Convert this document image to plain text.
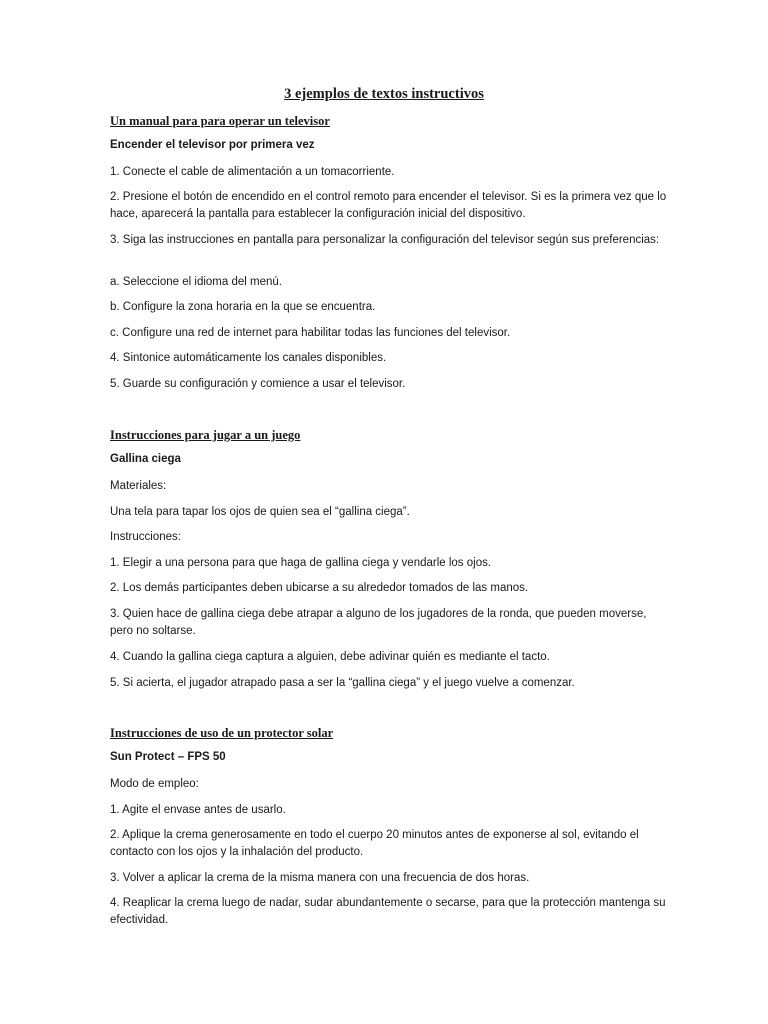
3 ejemplos de textos instructivos
Un manual para para operar un televisor
Encender el televisor por primera vez
1. Conecte el cable de alimentación a un tomacorriente.
2. Presione el botón de encendido en el control remoto para encender el televisor. Si es la primera vez que lo hace, aparecerá la pantalla para establecer la configuración inicial del dispositivo.
3. Siga las instrucciones en pantalla para personalizar la configuración del televisor según sus preferencias:
a. Seleccione el idioma del menú.
b. Configure la zona horaria en la que se encuentra.
c. Configure una red de internet para habilitar todas las funciones del televisor.
4. Sintonice automáticamente los canales disponibles.
5. Guarde su configuración y comience a usar el televisor.
Instrucciones para jugar a un juego
Gallina ciega
Materiales:
Una tela para tapar los ojos de quien sea el “gallina ciega”.
Instrucciones:
1. Elegir a una persona para que haga de gallina ciega y vendarle los ojos.
2. Los demás participantes deben ubicarse a su alrededor tomados de las manos.
3. Quien hace de gallina ciega debe atrapar a alguno de los jugadores de la ronda, que pueden moverse, pero no soltarse.
4. Cuando la gallina ciega captura a alguien, debe adivinar quién es mediante el tacto.
5. Si acierta, el jugador atrapado pasa a ser la “gallina ciega” y el juego vuelve a comenzar.
Instrucciones de uso de un protector solar
Sun Protect – FPS 50
Modo de empleo:
1. Agite el envase antes de usarlo.
2. Aplique la crema generosamente en todo el cuerpo 20 minutos antes de exponerse al sol, evitando el contacto con los ojos y la inhalación del producto.
3. Volver a aplicar la crema de la misma manera con una frecuencia de dos horas.
4. Reaplicar la crema luego de nadar, sudar abundantemente o secarse, para que la protección mantenga su efectividad.
